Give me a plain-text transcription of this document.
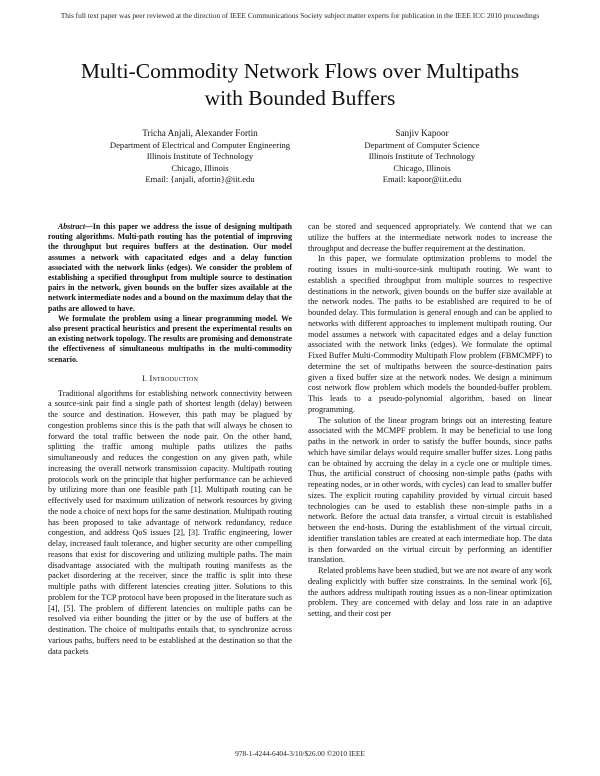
This full text paper was peer reviewed at the direction of IEEE Communications Society subject matter experts for publication in the IEEE ICC 2010 proceedings
Multi-Commodity Network Flows over Multipaths
with Bounded Buffers
Tricha Anjali, Alexander Fortin
Department of Electrical and Computer Engineering
Illinois Institute of Technology
Chicago, Illinois
Email: {anjali, afortin}@iit.edu
Sanjiv Kapoor
Department of Computer Science
Illinois Institute of Technology
Chicago, Illinois
Email: kapoor@iit.edu

Abstract—In this paper we address the issue of designing multipath routing algorithms. Multi-path routing has the potential of improving the throughput but requires buffers at the destination. Our model assumes a network with capacitated edges and a delay function associated with the network links (edges). We consider the problem of establishing a specified throughput from multiple source to destination pairs in the network, given bounds on the buffer sizes available at the network intermediate nodes and a bound on the maximum delay that the paths are allowed to have.

We formulate the problem using a linear programming model. We also present practical heuristics and present the experimental results on an existing network topology. The results are promising and demonstrate the effectiveness of simultaneous multipaths in the multi-commodity scenario.

I. Introduction

Traditional algorithms for establishing network connectivity between a source-sink pair find a single path of shortest length (delay) between the source and destination. However, this path may be plagued by congestion problems since this is the path that will always be chosen to forward the total traffic between the node pair. On the other hand, splitting the traffic among multiple paths utilizes the paths simultaneously and reduces the congestion on any given path, while increasing the overall network transmission capacity. Multipath routing protocols work on the principle that higher performance can be achieved by utilizing more than one feasible path [1]. Multipath routing can be effectively used for maximum utilization of network resources by giving the node a choice of next hops for the same destination. Multipath routing has been proposed to take advantage of network redundancy, reduce congestion, and address QoS issues [2], [3]. Traffic engineering, lower delay, increased fault tolerance, and higher security are other compelling reasons that exist for discovering and utilizing multiple paths. The main disadvantage associated with the multipath routing manifests as the packet disordering at the receiver, since the traffic is split into these multiple paths with different latencies creating jitter. Solutions to this problem for the TCP protocol have been proposed in the literature such as [4], [5]. The problem of different latencies on multiple paths can be resolved via either bounding the jitter or by the use of buffers at the destination. The choice of multipaths entails that, to synchronize across various paths, buffers need to be established at the destination so that the data packets

can be stored and sequenced appropriately. We contend that we can utilize the buffers at the intermediate network nodes to increase the throughput and decrease the buffer requirement at the destination.

In this paper, we formulate optimization problems to model the routing issues in multi-source-sink multipath routing. We want to establish a specified throughput from multiple sources to respective destinations in the network, given bounds on the buffer size available at the network nodes. The paths to be established are required to be of bounded delay. This formulation is general enough and can be applied to networks with different approaches to implement multipath routing. Our model assumes a network with capacitated edges and a delay function associated with the network links (edges). We formulate the optimal Fixed Buffer Multi-Commodity Multipath Flow problem (FBMCMPF) to determine the set of multipaths between the source-destination pairs given a fixed buffer size at the network nodes. We design a minimum cost network flow problem which models the bounded-buffer problem. This leads to a pseudo-polynomial algorithm, based on linear programming.

The solution of the linear program brings out an interesting feature associated with the MCMPF problem. It may be beneficial to use long paths in the network in order to satisfy the buffer bounds, since paths which have similar delays would require smaller buffer sizes. Long paths can be obtained by accruing the delay in a cycle one or multiple times. Thus, the artificial construct of choosing non-simple paths (paths with repeating nodes, or in other words, with cycles) can lead to smaller buffer sizes. The explicit routing capability provided by virtual circuit based technologies can be used to establish these non-simple paths in a network. Before the actual data transfer, a virtual circuit is established between the end-hosts. During the establishment of the virtual circuit, identifier translation tables are created at each intermediate hop. The data is then forwarded on the virtual circuit by performing an identifier translation.

Related problems have been studied, but we are not aware of any work dealing explicitly with buffer size constraints. In the seminal work [6], the authors address multipath routing issues as a non-linear optimization problem. They are concerned with delay and loss rate in an adaptive setting, and their cost per

978-1-4244-6404-3/10/$26.00 ©2010 IEEE
